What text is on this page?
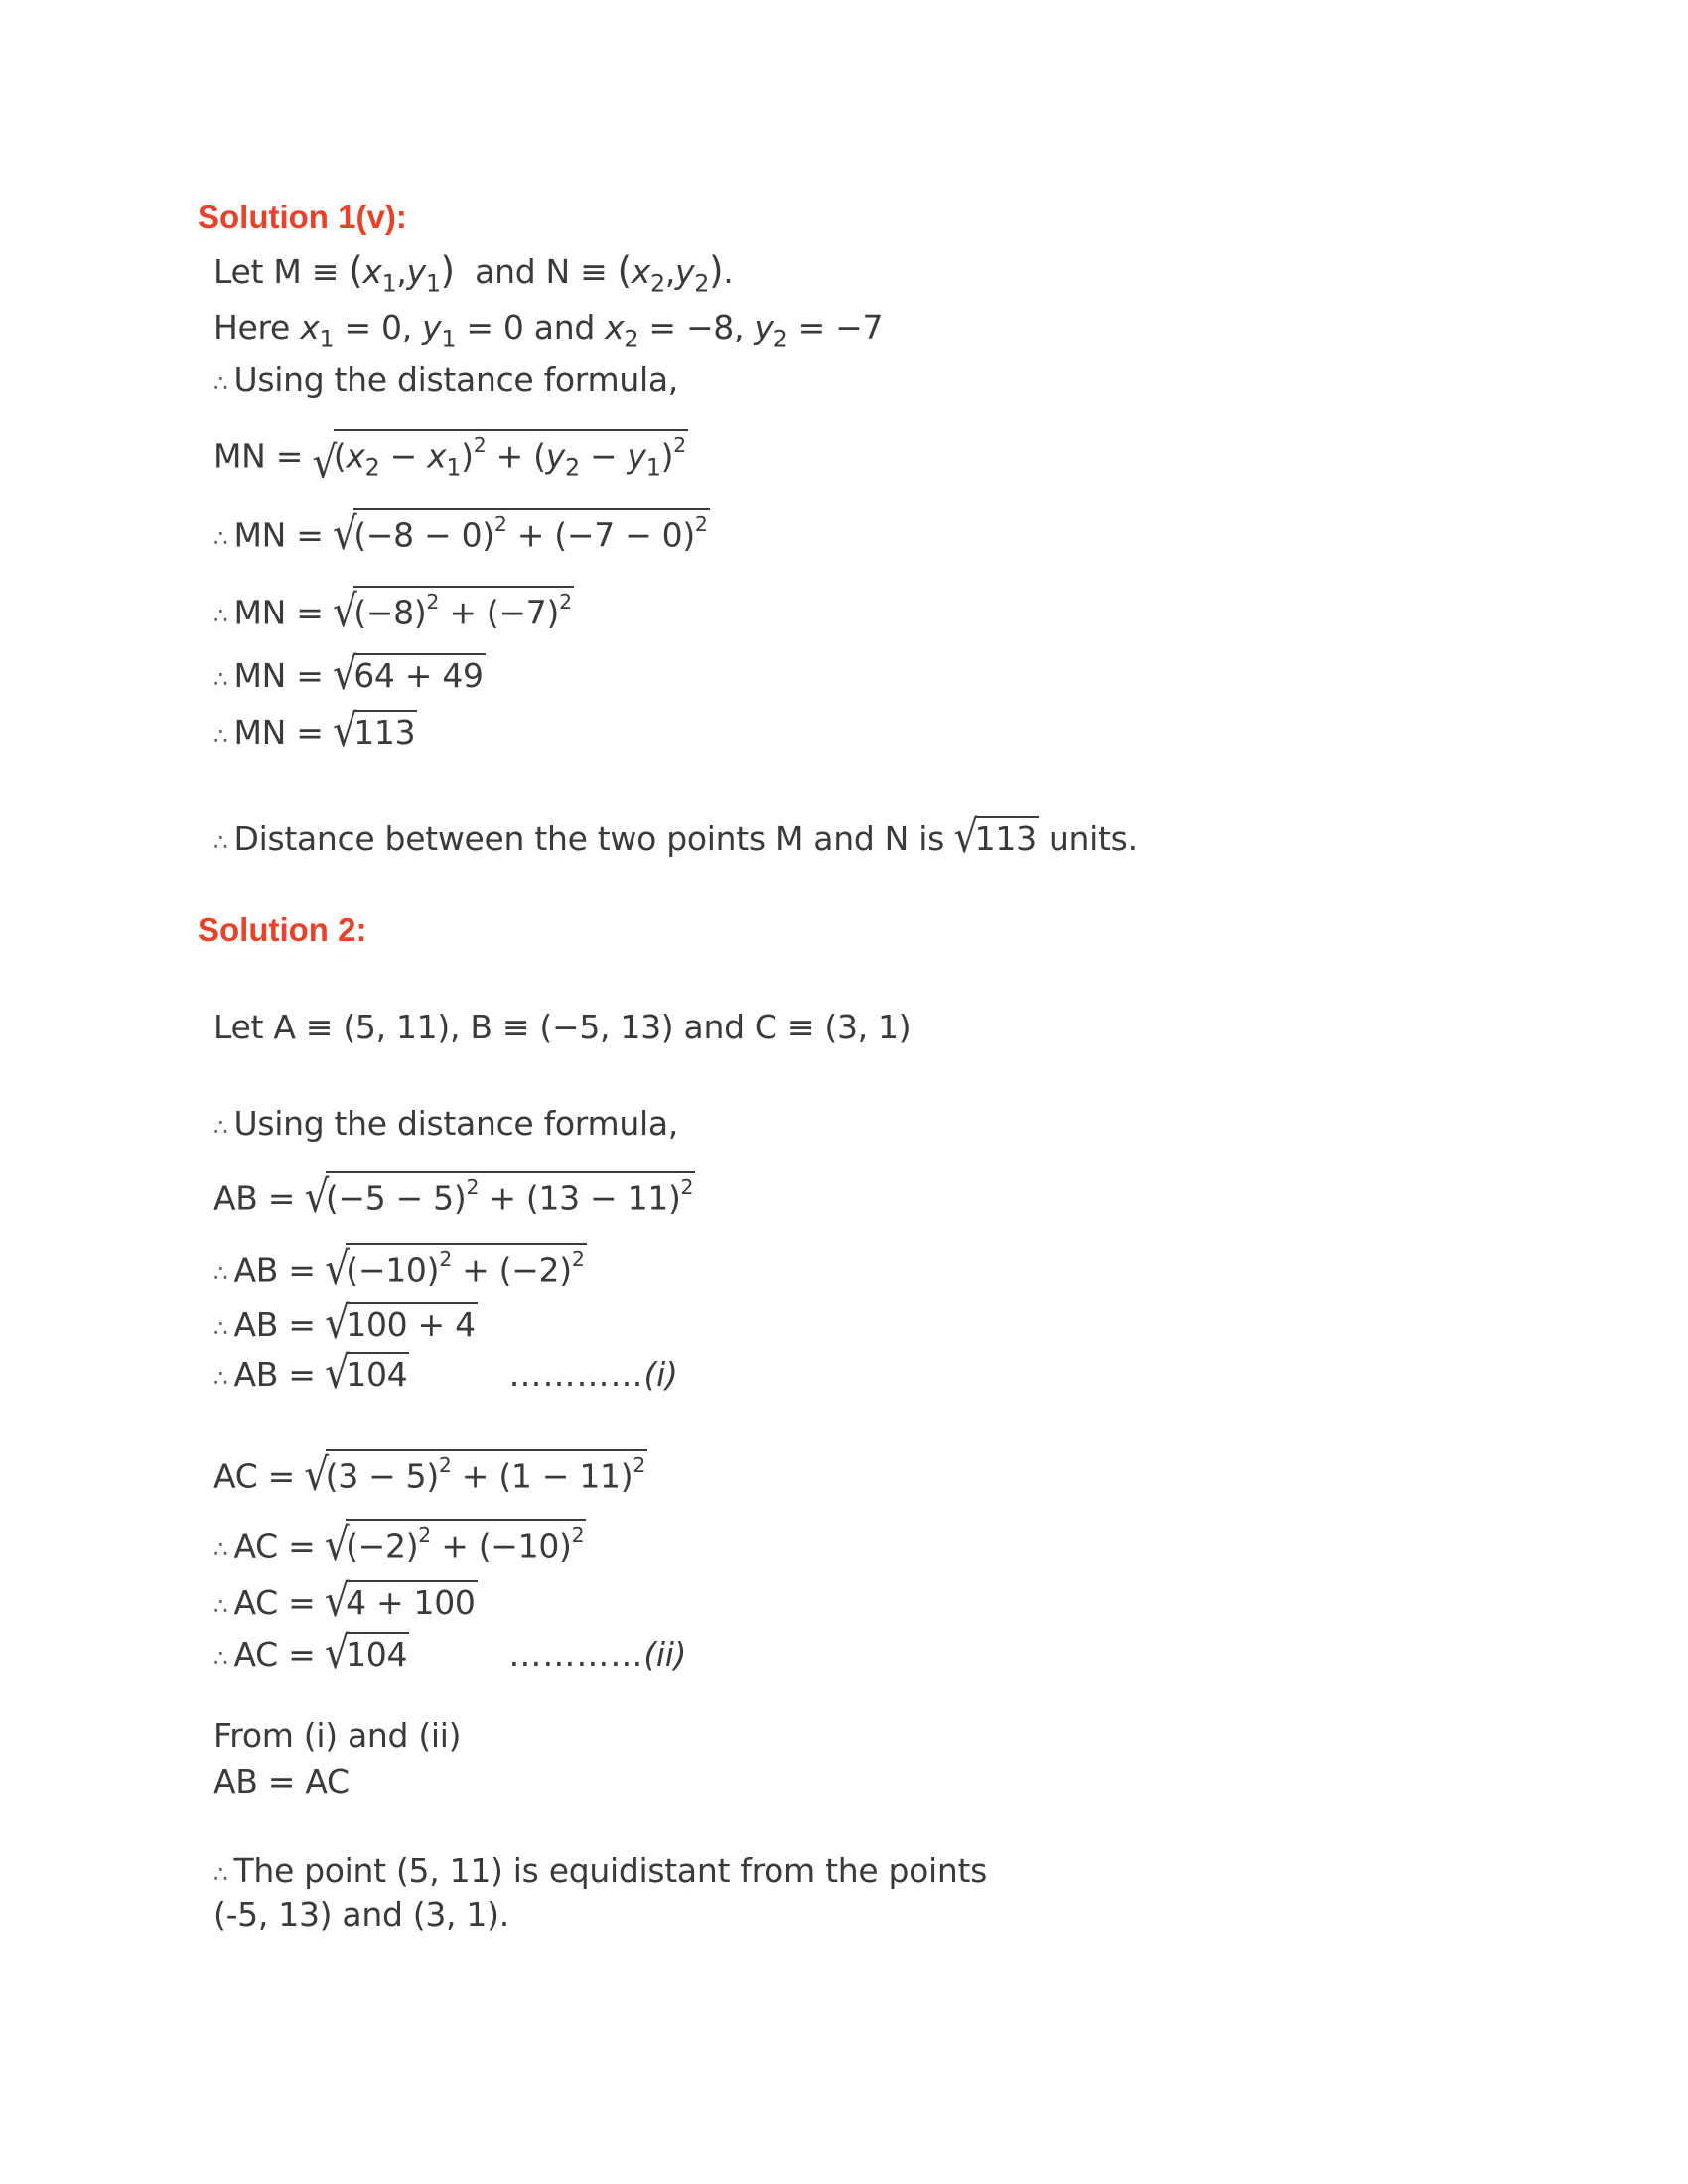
Solution 1(v):
Let $M \equiv (x_1,y_1)$  and $N \equiv (x_2,y_2)$.
Here $x_1 = 0$, $y_1 = 0$ and $x_2 = -8$, $y_2 = -7$
∴ Using the distance formula,
MN = √ $(x_2 - x_1)^2 + (y_2 - y_1)^2$
∴ MN = √ $(-8 - 0)^2 + (-7 - 0)^2$
∴ MN = √ $(-8)^2 + (-7)^2$
∴ MN = √ 64 + 49
∴ MN = √ 113
∴ Distance between the two points M and N is √ 113 units.
Solution 2:
Let A ≡ (5, 11), B ≡ (−5, 13) and C ≡ (3, 1)
∴ Using the distance formula,
AB = √ $(-5 - 5)^2 + (13 - 11)^2$
∴ AB = √ $(-10)^2 + (-2)^2$
∴ AB = √ 100 + 4
∴ AB = √ 104	…………(i)
AC = √ $(3 - 5)^2 + (1 - 11)^2$
∴ AC = √ $(-2)^2 + (-10)^2$
∴ AC = √ 4 + 100
∴ AC = √ 104	…………(ii)
From (i) and (ii)
AB = AC
∴ The point (5, 11) is equidistant from the points
(-5, 13) and (3, 1).
